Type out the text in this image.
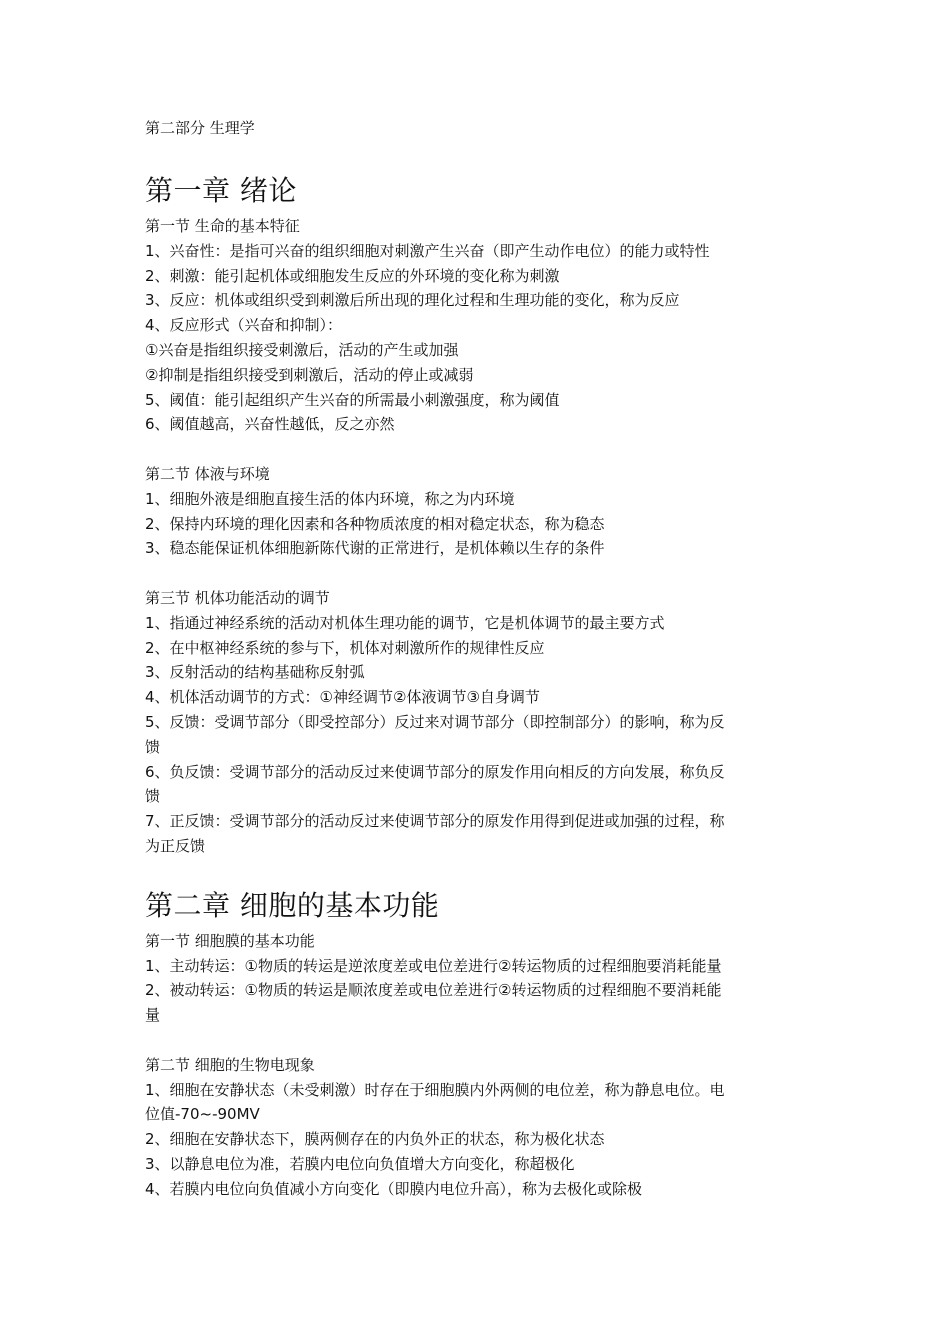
第二部分 生理学

第一章 绪论
第一节 生命的基本特征

1、兴奋性：是指可兴奋的组织细胞对刺激产生兴奋（即产生动作电位）的能力或特性

2、刺激：能引起机体或细胞发生反应的外环境的变化称为刺激

3、反应：机体或组织受到刺激后所出现的理化过程和生理功能的变化，称为反应

4、反应形式（兴奋和抑制）：

①兴奋是指组织接受刺激后，活动的产生或加强

②抑制是指组织接受到刺激后，活动的停止或减弱

5、阈值：能引起组织产生兴奋的所需最小刺激强度，称为阈值

6、阈值越高，兴奋性越低，反之亦然

第二节 体液与环境

1、细胞外液是细胞直接生活的体内环境，称之为内环境

2、保持内环境的理化因素和各种物质浓度的相对稳定状态，称为稳态

3、稳态能保证机体细胞新陈代谢的正常进行，是机体赖以生存的条件

第三节 机体功能活动的调节

1、指通过神经系统的活动对机体生理功能的调节，它是机体调节的最主要方式

2、在中枢神经系统的参与下，机体对刺激所作的规律性反应

3、反射活动的结构基础称反射弧

4、机体活动调节的方式：①神经调节②体液调节③自身调节

5、反馈：受调节部分（即受控部分）反过来对调节部分（即控制部分）的影响，称为反

馈

6、负反馈：受调节部分的活动反过来使调节部分的原发作用向相反的方向发展，称负反

馈

7、正反馈：受调节部分的活动反过来使调节部分的原发作用得到促进或加强的过程，称

为正反馈

第二章 细胞的基本功能
第一节 细胞膜的基本功能

1、主动转运：①物质的转运是逆浓度差或电位差进行②转运物质的过程细胞要消耗能量

2、被动转运：①物质的转运是顺浓度差或电位差进行②转运物质的过程细胞不要消耗能

量

第二节 细胞的生物电现象

1、细胞在安静状态（未受刺激）时存在于细胞膜内外两侧的电位差，称为静息电位。电

位值-70~-90MV

2、细胞在安静状态下，膜两侧存在的内负外正的状态，称为极化状态

3、以静息电位为准，若膜内电位向负值增大方向变化，称超极化

4、若膜内电位向负值减小方向变化（即膜内电位升高），称为去极化或除极
